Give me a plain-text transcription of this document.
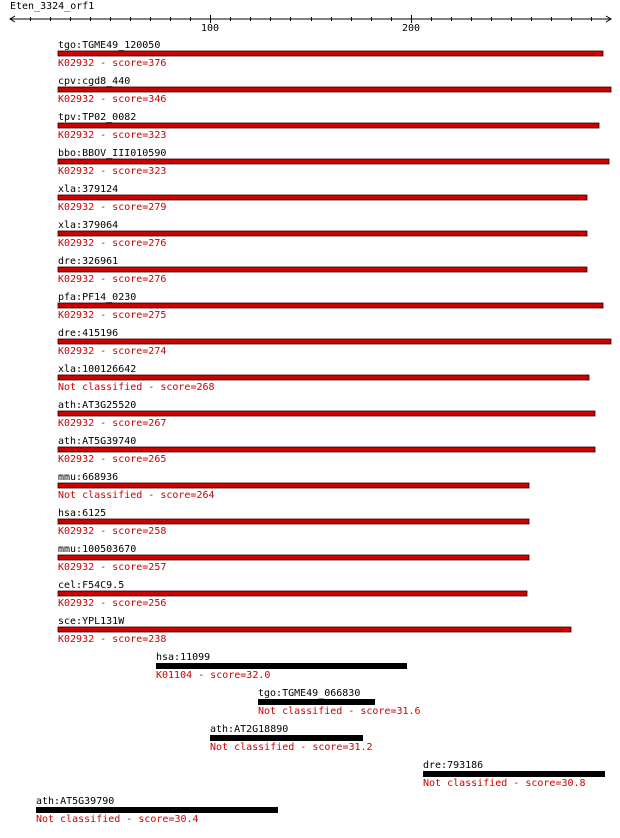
Eten_3324_orf1
100	200
tgo:TGME49_120050
K02932 - score=376
cpv:cgd8_440
K02932 - score=346
tpv:TP02_0082
K02932 - score=323
bbo:BBOV_III010590
K02932 - score=323
xla:379124
K02932 - score=279
xla:379064
K02932 - score=276
dre:326961
K02932 - score=276
pfa:PF14_0230
K02932 - score=275
dre:415196
K02932 - score=274
xla:100126642
Not classified - score=268
ath:AT3G25520
K02932 - score=267
ath:AT5G39740
K02932 - score=265
mmu:668936
Not classified - score=264
hsa:6125
K02932 - score=258
mmu:100503670
K02932 - score=257
cel:F54C9.5
K02932 - score=256
sce:YPL131W
K02932 - score=238
hsa:11099
K01104 - score=32.0
tgo:TGME49_066830
Not classified - score=31.6
ath:AT2G18890
Not classified - score=31.2
dre:793186
Not classified - score=30.8
ath:AT5G39790
Not classified - score=30.4
